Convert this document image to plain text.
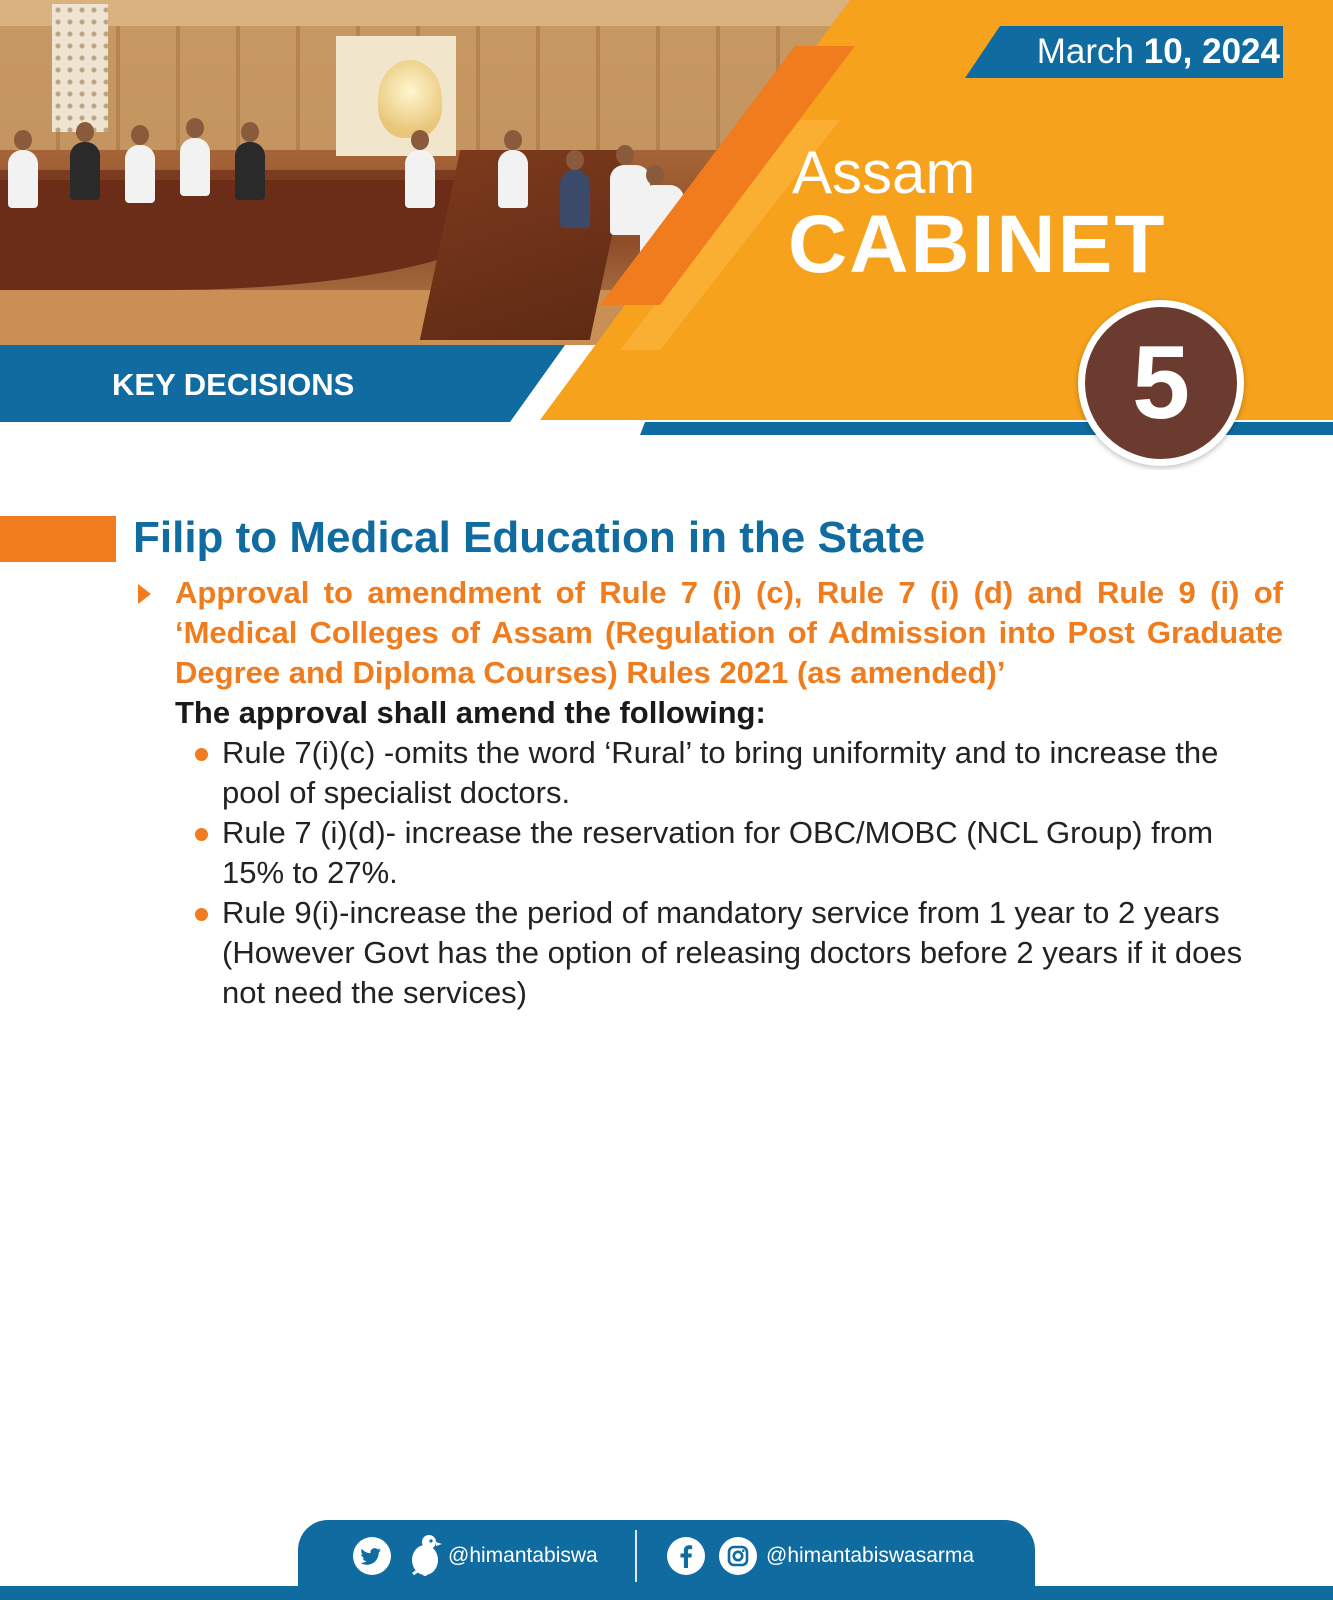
March 10, 2024
Assam
CABINET
KEY DECISIONS	5
Filip to Medical Education in the State
Approval to amendment of Rule 7 (i) (c), Rule 7 (i) (d) and Rule 9 (i) of
‘Medical Colleges of Assam (Regulation of Admission into Post Graduate Degree and Diploma Courses) Rules 2021 (as amended)’
The approval shall amend the following:
Rule 7(i)(c) -omits the word ‘Rural’ to bring uniformity and to increase the pool of specialist doctors.
Rule 7 (i)(d)- increase the reservation for OBC/MOBC (NCL Group) from 15% to 27%.
Rule 9(i)-increase the period of mandatory service from 1 year to 2 years (However Govt has the option of releasing doctors before 2 years if it does not need the services)
@himantabiswa	@himantabiswasarma
